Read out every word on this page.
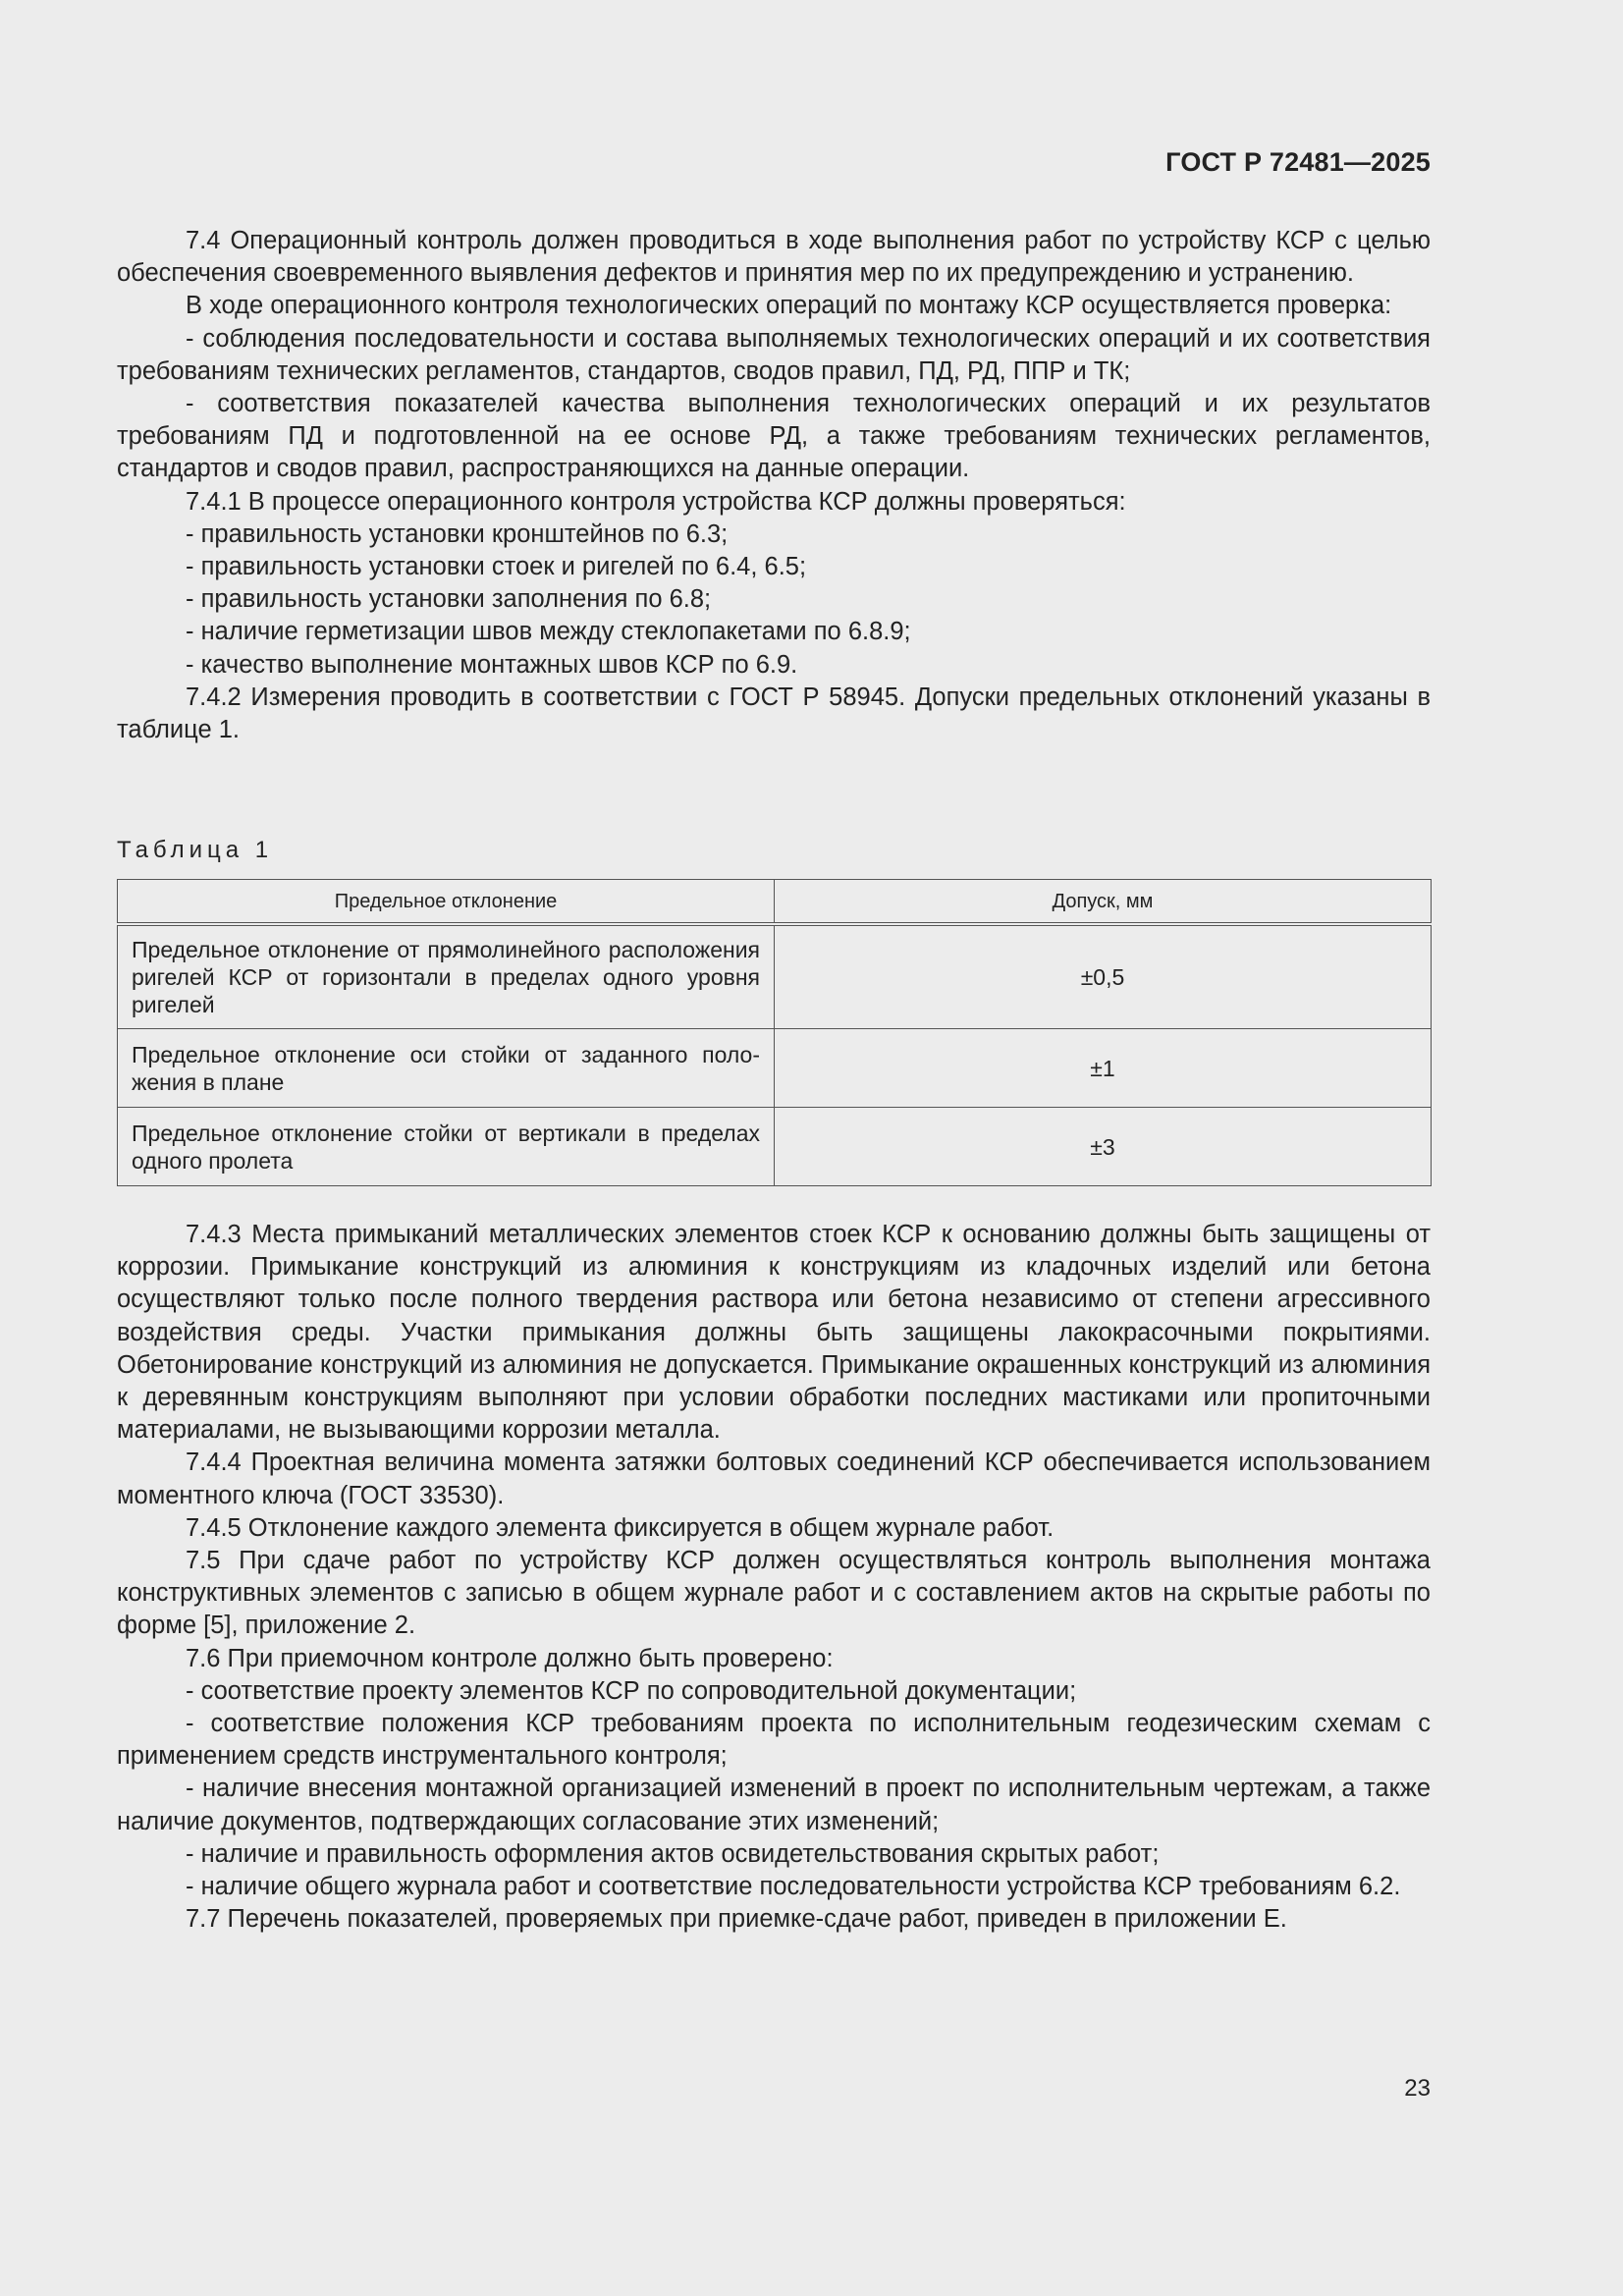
ГОСТ Р 72481—2025

7.4 Операционный контроль должен проводиться в ходе выполнения работ по устройству КСР с целью обеспечения своевременного выявления дефектов и принятия мер по их предупреждению и устранению.

В ходе операционного контроля технологических операций по монтажу КСР осуществляется проверка:

- соблюдения последовательности и состава выполняемых технологических операций и их соответствия требованиям технических регламентов, стандартов, сводов правил, ПД, РД, ППР и ТК;

- соответствия показателей качества выполнения технологических операций и их результатов требованиям ПД и подготовленной на ее основе РД, а также требованиям технических регламентов, стандартов и сводов правил, распространяющихся на данные операции.

7.4.1 В процессе операционного контроля устройства КСР должны проверяться:

- правильность установки кронштейнов по 6.3;

- правильность установки стоек и ригелей по 6.4, 6.5;

- правильность установки заполнения по 6.8;

- наличие герметизации швов между стеклопакетами по 6.8.9;

- качество выполнение монтажных швов КСР по 6.9.

7.4.2 Измерения проводить в соответствии с ГОСТ Р 58945. Допуски предельных отклонений указаны в таблице 1.

Таблица 1
Предельное отклонение	Допуск, мм
Предельное отклонение от прямолинейного расположения ригелей КСР от горизонтали в пределах одного уровня ригелей	±0,5
Предельное отклонение оси стойки от заданного положения в плане	±1
Предельное отклонение стойки от вертикали в пределах одного пролета	±3

7.4.3 Места примыканий металлических элементов стоек КСР к основанию должны быть защищены от коррозии. Примыкание конструкций из алюминия к конструкциям из кладочных изделий или бетона осуществляют только после полного твердения раствора или бетона независимо от степени агрессивного воздействия среды. Участки примыкания должны быть защищены лакокрасочными покрытиями. Обетонирование конструкций из алюминия не допускается. Примыкание окрашенных конструкций из алюминия к деревянным конструкциям выполняют при условии обработки последних мастиками или пропиточными материалами, не вызывающими коррозии металла.

7.4.4 Проектная величина момента затяжки болтовых соединений КСР обеспечивается использованием моментного ключа (ГОСТ 33530).

7.4.5 Отклонение каждого элемента фиксируется в общем журнале работ.

7.5 При сдаче работ по устройству КСР должен осуществляться контроль выполнения монтажа конструктивных элементов с записью в общем журнале работ и с составлением актов на скрытые работы по форме [5], приложение 2.

7.6 При приемочном контроле должно быть проверено:

- соответствие проекту элементов КСР по сопроводительной документации;

- соответствие положения КСР требованиям проекта по исполнительным геодезическим схемам с применением средств инструментального контроля;

- наличие внесения монтажной организацией изменений в проект по исполнительным чертежам, а также наличие документов, подтверждающих согласование этих изменений;

- наличие и правильность оформления актов освидетельствования скрытых работ;

- наличие общего журнала работ и соответствие последовательности устройства КСР требованиям 6.2.

7.7 Перечень показателей, проверяемых при приемке-сдаче работ, приведен в приложении Е.

23
